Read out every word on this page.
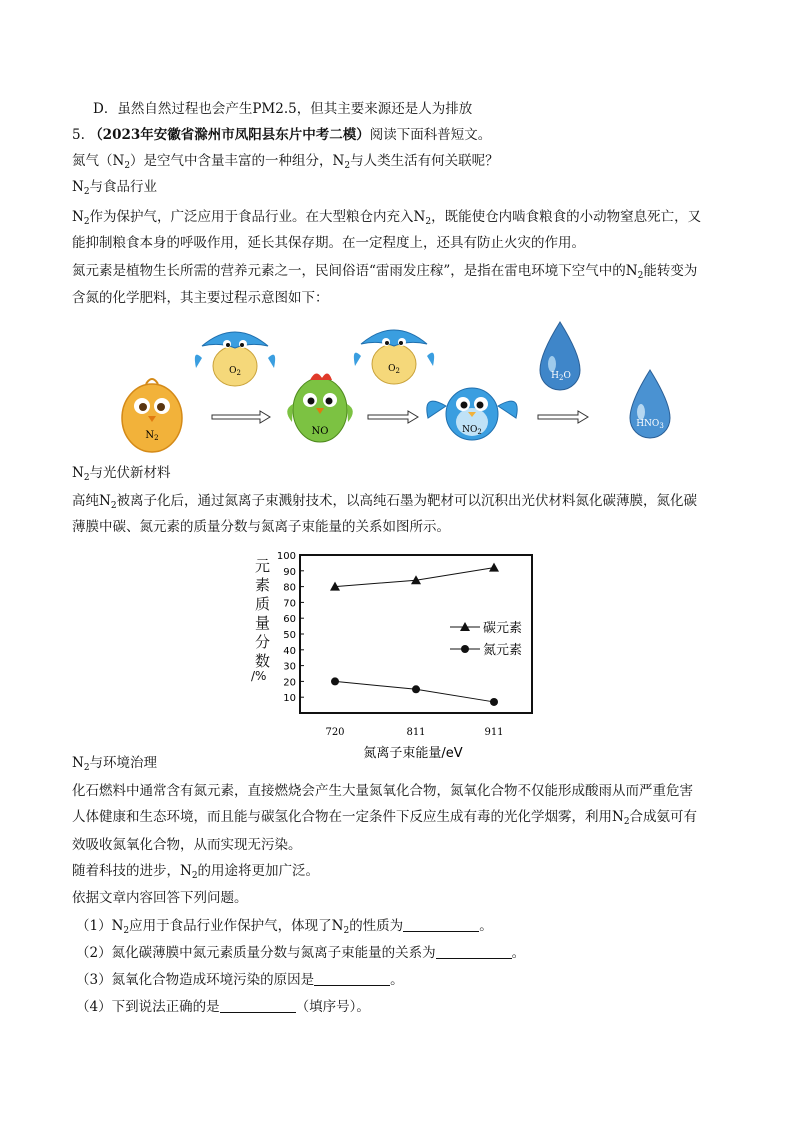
D．虽然自然过程也会产生PM2.5，但其主要来源还是人为排放
5. （2023年安徽省滁州市凤阳县东片中考二模）阅读下面科普短文。
氮气$(N_2)$是空气中含量丰富的一种组分，$N_2$与人类生活有何关联呢？
$N_2$与食品行业
$N_2$作为保护气，广泛应用于食品行业。在大型粮仓内充入$N_2$，既能使仓内啮食粮食的小动物窒息死亡，又
能抑制粮食本身的呼吸作用，延长其保存期。在一定程度上，还具有防止火灾的作用。
氮元素是植物生长所需的营养元素之一，民间俗语“雷雨发庄稼”，是指在雷电环境下空气中的$N_2$能转变为
含氮的化学肥料，其主要过程示意图如下：
$N_2$
$O_2$
NO
$O_2$
$NO_2$
$H_2O$
$HNO_3$
$N_2$与光伏新材料
高纯$N_2$被离子化后，通过氮离子束溅射技术，以高纯石墨为靶材可以沉积出光伏材料氮化碳薄膜，氮化碳
薄膜中碳、氮元素的质量分数与氮离子束能量的关系如图所示。
元
素
质
量
分
数
/%
10
20
30
40
50
60
70
80
90
100
720	811	911
氮离子束能量/eV
碳元素
氮元素
$N_2$与环境治理
化石燃料中通常含有氮元素，直接燃烧会产生大量氮氧化合物，氮氧化合物不仅能形成酸雨从而严重危害
人体健康和生态环境，而且能与碳氢化合物在一定条件下反应生成有毒的光化学烟雾，利用$N_2$合成氨可有
效吸收氮氧化合物，从而实现无污染。
随着科技的进步，$N_2$的用途将更加广泛。
依据文章内容回答下列问题。
$(1)N_2$应用于食品行业作保护气，体现了$N_2$的性质为	。
（2）氮化碳薄膜中氮元素质量分数与氮离子束能量的关系为	。
（3）氮氧化合物造成环境污染的原因是	。
（4）下到说法正确的是	（填序号）。
